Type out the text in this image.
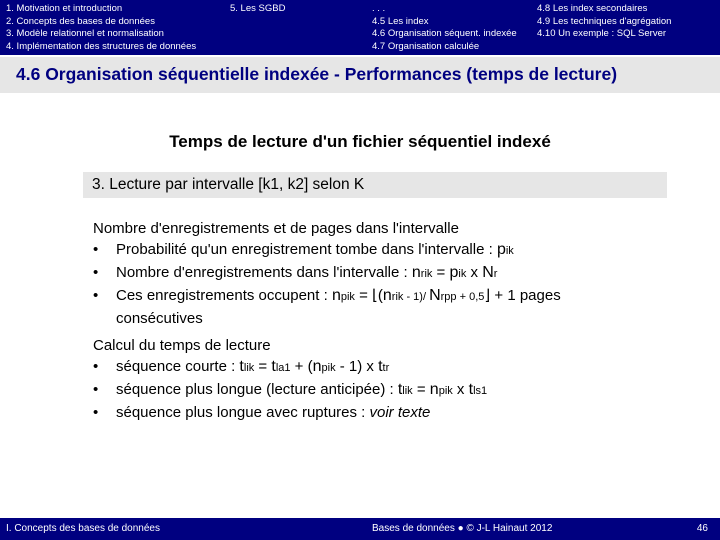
1. Motivation et introduction
2. Concepts des bases de données
3. Modèle relationnel et normalisation
4. Implémentation des structures de données
5. Les SGBD	. . .
4.5 Les index
4.6 Organisation séquent. indexée
4.7 Organisation calculée
4.8 Les index secondaires
4.9 Les techniques d'agrégation
4.10 Un exemple : SQL Server
4.6 Organisation séquentielle indexée - Performances (temps de lecture)
Temps de lecture d'un fichier séquentiel indexé
3. Lecture par intervalle [k1, k2] selon K
Nombre d'enregistrements et de pages dans l'intervalle
• Probabilité qu'un enregistrement tombe dans l'intervalle : pik
• Nombre d'enregistrements dans l'intervalle : nrik = pik x Nr
• Ces enregistrements occupent : npik = ⌊(nrik - 1)/ Nrpp + 0,5⌋ + 1 pages
consécutives
Calcul du temps de lecture
• séquence courte : tlik = tla1 + (npik - 1) x ttr
• séquence plus longue (lecture anticipée) : tlik = npik x tls1
• séquence plus longue avec ruptures : voir texte
I. Concepts des bases de données	Bases de données ● © J-L Hainaut 2012	46
